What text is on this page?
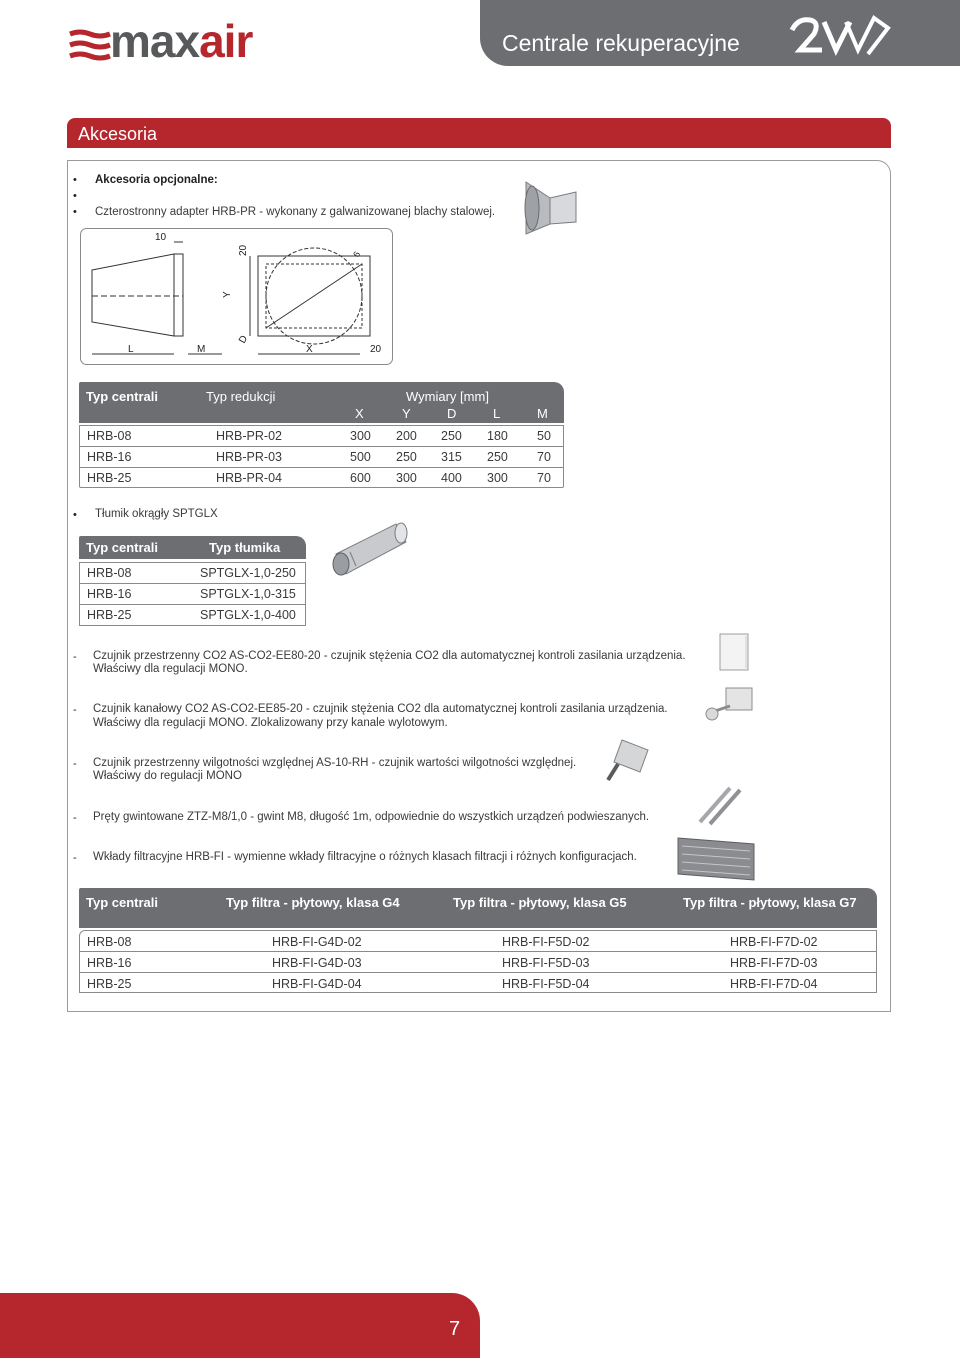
maxair	Centrale rekuperacyjne
Akcesoria
•
•
•
Akcesoria opcjonalne:
Czterostronny adapter HRB-PR - wykonany z galwanizowanej blachy stalowej.
10
20
Y
6
D
L	M	X	20
Typ centrali	Typ redukcji	Wymiary [mm]
X	Y	D	L	M
HRB-08	HRB-PR-02	300 200 250 180 50
HRB-16	HRB-PR-03	500 250 315 250 70
HRB-25	HRB-PR-04	600 300 400 300 70
• Tłumik okrągły SPTGLX
Typ centrali	Typ tłumika
HRB-08	SPTGLX-1,0-250
HRB-16	SPTGLX-1,0-315
HRB-25	SPTGLX-1,0-400
- Czujnik przestrzenny CO2 AS-CO2-EE80-20 - czujnik stężenia CO2 dla automatycznej kontroli zasilania urządzenia.
Właściwy dla regulacji MONO.
- Czujnik kanałowy CO2 AS-CO2-EE85-20 - czujnik stężenia CO2 dla automatycznej kontroli zasilania urządzenia.
Właściwy dla regulacji MONO. Zlokalizowany przy kanale wylotowym.
- Czujnik przestrzenny wilgotności względnej AS-10-RH - czujnik wartości wilgotności względnej.
Właściwy do regulacji MONO
- Pręty gwintowane ZTZ-M8/1,0 - gwint M8, długość 1m, odpowiednie do wszystkich urządzeń podwieszanych.
- Wkłady filtracyjne HRB-FI - wymienne wkłady filtracyjne o różnych klasach filtracji i różnych konfiguracjach.
Typ centrali	Typ filtra - płytowy, klasa G4	Typ filtra - płytowy, klasa G5	Typ filtra - płytowy, klasa G7
HRB-08	HRB-FI-G4D-02	HRB-FI-F5D-02	HRB-FI-F7D-02
HRB-16	HRB-FI-G4D-03	HRB-FI-F5D-03	HRB-FI-F7D-03
HRB-25	HRB-FI-G4D-04	HRB-FI-F5D-04	HRB-FI-F7D-04
7
